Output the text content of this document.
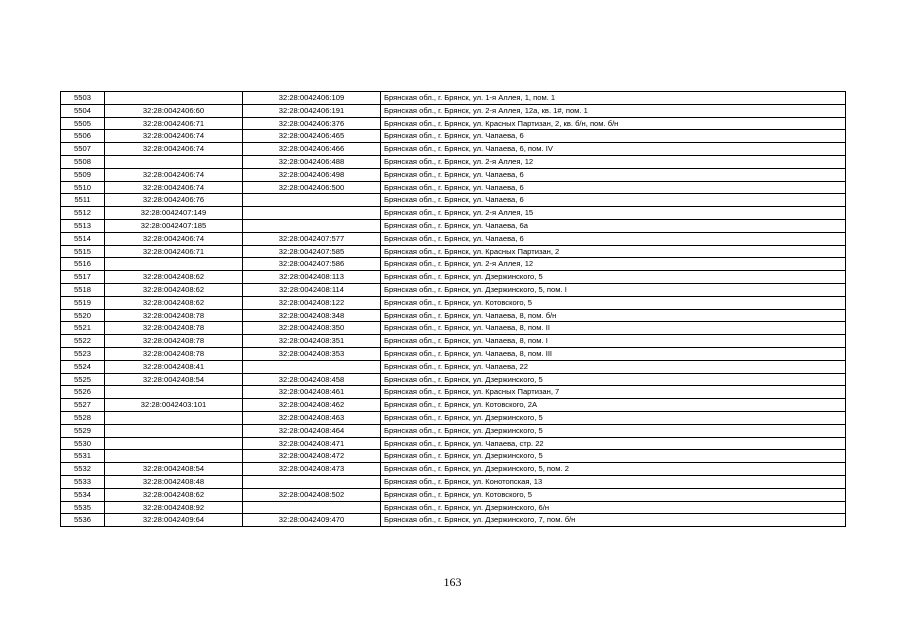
5503		32:28:0042406:109	Брянская обл., г. Брянск, ул. 1-я Аллея, 1, пом. 1
5504	32:28:0042406:60	32:28:0042406:191	Брянская обл., г. Брянск, ул. 2-я Аллея, 12а, кв. 1#, пом. 1
5505	32:28:0042406:71	32:28:0042406:376	Брянская обл., г. Брянск, ул. Красных Партизан, 2, кв. б/н, пом. б/н
5506	32:28:0042406:74	32:28:0042406:465	Брянская обл., г. Брянск, ул. Чапаева, 6
5507	32:28:0042406:74	32:28:0042406:466	Брянская обл., г. Брянск, ул. Чапаева, 6, пом. IV
5508		32:28:0042406:488	Брянская обл., г. Брянск, ул. 2-я Аллея, 12
5509	32:28:0042406:74	32:28:0042406:498	Брянская обл., г. Брянск, ул. Чапаева, 6
5510	32:28:0042406:74	32:28:0042406:500	Брянская обл., г. Брянск, ул. Чапаева, 6
5511	32:28:0042406:76		Брянская обл., г. Брянск, ул. Чапаева, 6
5512	32:28:0042407:149		Брянская обл., г. Брянск, ул. 2-я Аллея, 15
5513	32:28:0042407:185		Брянская обл., г. Брянск, ул. Чапаева, 6а
5514	32:28:0042406:74	32:28:0042407:577	Брянская обл., г. Брянск, ул. Чапаева, 6
5515	32:28:0042406:71	32:28:0042407:585	Брянская обл., г. Брянск, ул. Красных Партизан, 2
5516		32:28:0042407:586	Брянская обл., г. Брянск, ул. 2-я Аллея, 12
5517	32:28:0042408:62	32:28:0042408:113	Брянская обл., г. Брянск, ул. Дзержинского, 5
5518	32:28:0042408:62	32:28:0042408:114	Брянская обл., г. Брянск, ул. Дзержинского, 5, пом. I
5519	32:28:0042408:62	32:28:0042408:122	Брянская обл., г. Брянск, ул. Котовского, 5
5520	32:28:0042408:78	32:28:0042408:348	Брянская обл., г. Брянск, ул. Чапаева, 8, пом. б/н
5521	32:28:0042408:78	32:28:0042408:350	Брянская обл., г. Брянск, ул. Чапаева, 8, пом. II
5522	32:28:0042408:78	32:28:0042408:351	Брянская обл., г. Брянск, ул. Чапаева, 8, пом. I
5523	32:28:0042408:78	32:28:0042408:353	Брянская обл., г. Брянск, ул. Чапаева, 8, пом. III
5524	32:28:0042408:41		Брянская обл., г. Брянск, ул. Чапаева, 22
5525	32:28:0042408:54	32:28:0042408:458	Брянская обл., г. Брянск, ул. Дзержинского, 5
5526		32:28:0042408:461	Брянская обл., г. Брянск, ул. Красных Партизан, 7
5527	32:28:0042403:101	32:28:0042408:462	Брянская обл., г. Брянск, ул. Котовского, 2А
5528		32:28:0042408:463	Брянская обл., г. Брянск, ул. Дзержинского, 5
5529		32:28:0042408:464	Брянская обл., г. Брянск, ул. Дзержинского, 5
5530		32:28:0042408:471	Брянская обл., г. Брянск, ул. Чапаева, стр. 22
5531		32:28:0042408:472	Брянская обл., г. Брянск, ул. Дзержинского, 5
5532	32:28:0042408:54	32:28:0042408:473	Брянская обл., г. Брянск, ул. Дзержинского, 5, пом. 2
5533	32:28:0042408:48		Брянская обл., г. Брянск, ул. Конотопская, 13
5534	32:28:0042408:62	32:28:0042408:502	Брянская обл., г. Брянск, ул. Котовского, 5
5535	32:28:0042408:92		Брянская обл., г. Брянск, ул. Дзержинского, 6/н
5536	32:28:0042409:64	32:28:0042409:470	Брянская обл., г. Брянск, ул. Дзержинского, 7, пом. б/н
163
